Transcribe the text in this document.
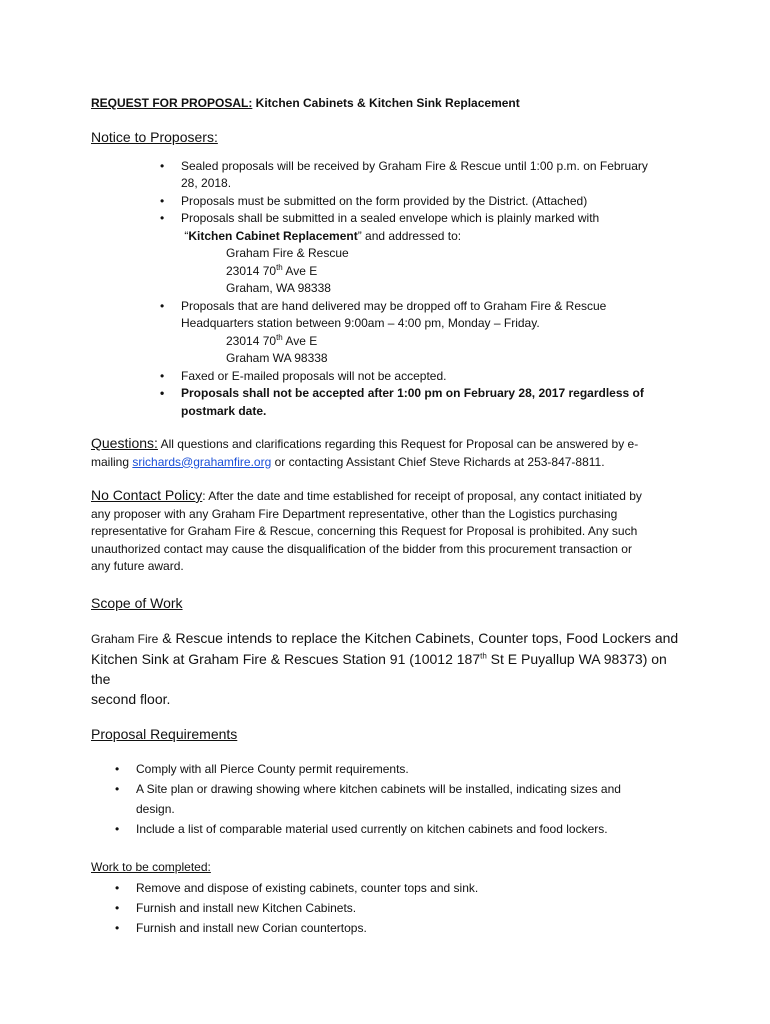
REQUEST FOR PROPOSAL: Kitchen Cabinets & Kitchen Sink Replacement
Notice to Proposers:
• Sealed proposals will be received by Graham Fire & Rescue until 1:00 p.m. on February
28, 2018.
• Proposals must be submitted on the form provided by the District. (Attached)
• Proposals shall be submitted in a sealed envelope which is plainly marked with
“Kitchen Cabinet Replacement” and addressed to:
Graham Fire & Rescue
23014 70th Ave E
Graham, WA 98338
• Proposals that are hand delivered may be dropped off to Graham Fire & Rescue
Headquarters station between 9:00am – 4:00 pm, Monday – Friday.
23014 70th Ave E
Graham WA 98338
• Faxed or E-mailed proposals will not be accepted.
• Proposals shall not be accepted after 1:00 pm on February 28, 2017 regardless of
postmark date.
Questions: All questions and clarifications regarding this Request for Proposal can be answered by e-
mailing srichards@grahamfire.org or contacting Assistant Chief Steve Richards at 253-847-8811.
No Contact Policy: After the date and time established for receipt of proposal, any contact initiated by
any proposer with any Graham Fire Department representative, other than the Logistics purchasing
representative for Graham Fire & Rescue, concerning this Request for Proposal is prohibited. Any such
unauthorized contact may cause the disqualification of the bidder from this procurement transaction or
any future award.
Scope of Work
Graham Fire & Rescue intends to replace the Kitchen Cabinets, Counter tops, Food Lockers and
Kitchen Sink at Graham Fire & Rescues Station 91 (10012 187th St E Puyallup WA 98373) on the
second floor.
Proposal Requirements
• Comply with all Pierce County permit requirements.
• A Site plan or drawing showing where kitchen cabinets will be installed, indicating sizes and
design.
• Include a list of comparable material used currently on kitchen cabinets and food lockers.
Work to be completed:
• Remove and dispose of existing cabinets, counter tops and sink.
• Furnish and install new Kitchen Cabinets.
• Furnish and install new Corian countertops.
